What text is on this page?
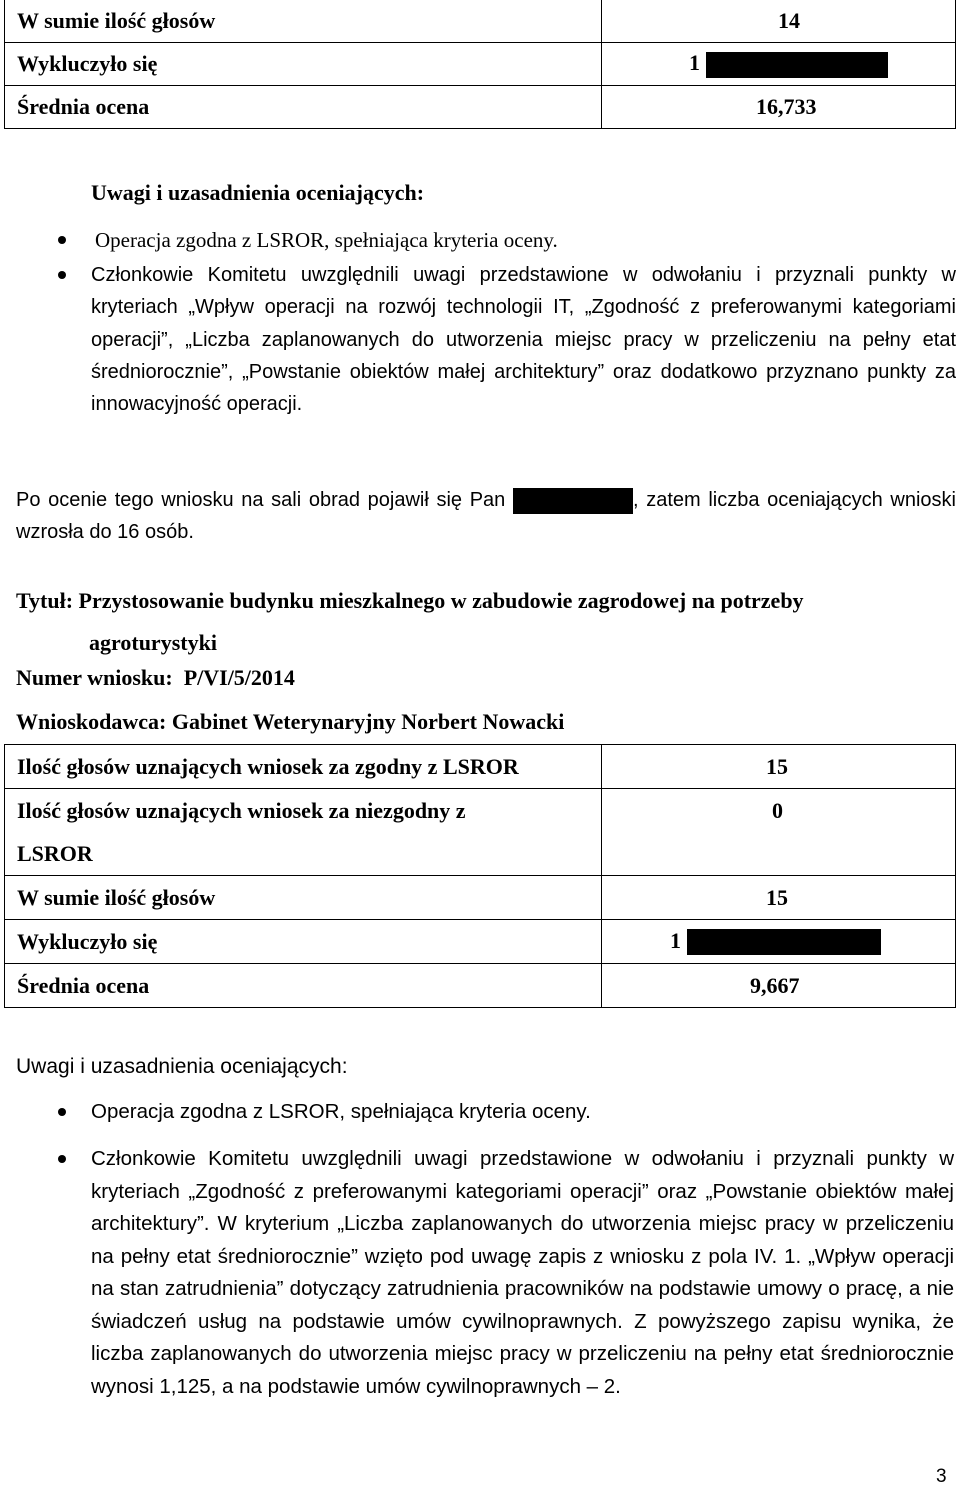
W sumie ilość głosów	14
Wykluczyło się	1
Średnia ocena	16,733
Uwagi i uzasadnienia oceniających:
Operacja zgodna z LSROR, spełniająca kryteria oceny.
Członkowie Komitetu uwzględnili uwagi przedstawione w odwołaniu i przyznali punkty w kryteriach „Wpływ operacji na rozwój technologii IT, „Zgodność z preferowanymi kategoriami operacji”, „Liczba zaplanowanych do utworzenia miejsc pracy w przeliczeniu na pełny etat średniorocznie”, „Powstanie obiektów małej architektury” oraz dodatkowo przyznano punkty za innowacyjność operacji.
Po ocenie tego wniosku na sali obrad pojawił się Pan	, zatem liczba oceniających wnioski wzrosła do 16 osób.
Tytuł: Przystosowanie budynku mieszkalnego w zabudowie zagrodowej na potrzeby
agroturystyki
Numer wniosku: P/VI/5/2014
Wnioskodawca: Gabinet Weterynaryjny Norbert Nowacki
Ilość głosów uznających wniosek za zgodny z LSROR	15
Ilość głosów uznających wniosek za niezgodny z
LSROR	0
W sumie ilość głosów	15
Wykluczyło się	1
Średnia ocena	9,667
Uwagi i uzasadnienia oceniających:
Operacja zgodna z LSROR, spełniająca kryteria oceny.
Członkowie Komitetu uwzględnili uwagi przedstawione w odwołaniu i przyznali punkty w kryteriach „Zgodność z preferowanymi kategoriami operacji” oraz „Powstanie obiektów małej architektury”. W kryterium „Liczba zaplanowanych do utworzenia miejsc pracy w przeliczeniu na pełny etat średniorocznie” wzięto pod uwagę zapis z wniosku z pola IV. 1. „Wpływ operacji na stan zatrudnienia” dotyczący zatrudnienia pracowników na podstawie umowy o pracę, a nie świadczeń usług na podstawie umów cywilnoprawnych. Z powyższego zapisu wynika, że liczba zaplanowanych do utworzenia miejsc pracy w przeliczeniu na pełny etat średniorocznie wynosi 1,125, a na podstawie umów cywilnoprawnych – 2.
3
